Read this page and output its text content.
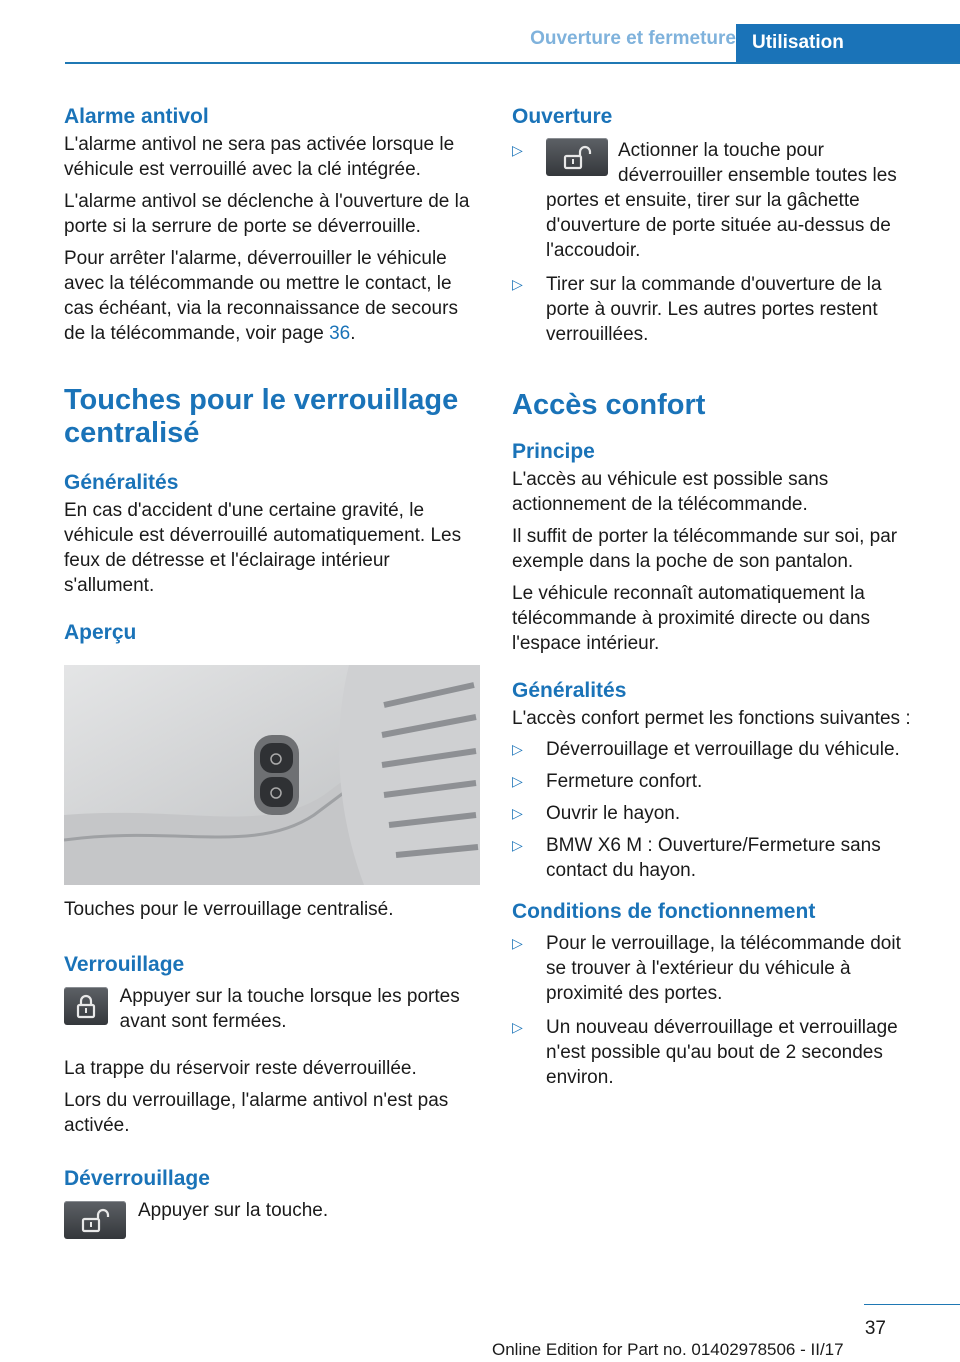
Ouverture et fermeture Utilisation
Alarme antivol

L'alarme antivol ne sera pas activée lorsque le véhicule est verrouillé avec la clé intégrée.

L'alarme antivol se déclenche à l'ouverture de la porte si la serrure de porte se déverrouille.

Pour arrêter l'alarme, déverrouiller le véhicule avec la télécommande ou mettre le contact, le cas échéant, via la reconnaissance de secours de la télécommande, voir page 36.

Touches pour le verrouillage
centralisé
Généralités

En cas d'accident d'une certaine gravité, le véhicule est déverrouillé automatiquement. Les feux de détresse et l'éclairage intérieur s'allument.

Aperçu

Touches pour le verrouillage centralisé.

Verrouillage
Appuyer sur la touche lorsque les portes avant sont fermées.

La trappe du réservoir reste déverrouillée.

Lors du verrouillage, l'alarme antivol n'est pas activée.

Déverrouillage
Appuyer sur la touche.
Ouverture
▷	Actionner la touche pour déverrouiller ensemble toutes les portes et ensuite, tirer sur la gâchette d'ouverture de porte située au-dessus de l'accoudoir.
▷ Tirer sur la commande d'ouverture de la porte à ouvrir. Les autres portes restent verrouillées.
Accès confort
Principe

L'accès au véhicule est possible sans actionnement de la télécommande.

Il suffit de porter la télécommande sur soi, par exemple dans la poche de son pantalon.

Le véhicule reconnaît automatiquement la télécommande à proximité directe ou dans l'espace intérieur.

Généralités

L'accès confort permet les fonctions suivantes :

▷ Déverrouillage et verrouillage du véhicule.
▷ Fermeture confort.
▷ Ouvrir le hayon.
▷ BMW X6 M : Ouverture/Fermeture sans contact du hayon.
Conditions de fonctionnement
▷ Pour le verrouillage, la télécommande doit se trouver à l'extérieur du véhicule à proximité des portes.
▷ Un nouveau déverrouillage et verrouillage n'est possible qu'au bout de 2 secondes environ.
37
Online Edition for Part no. 01402978506 - II/17
